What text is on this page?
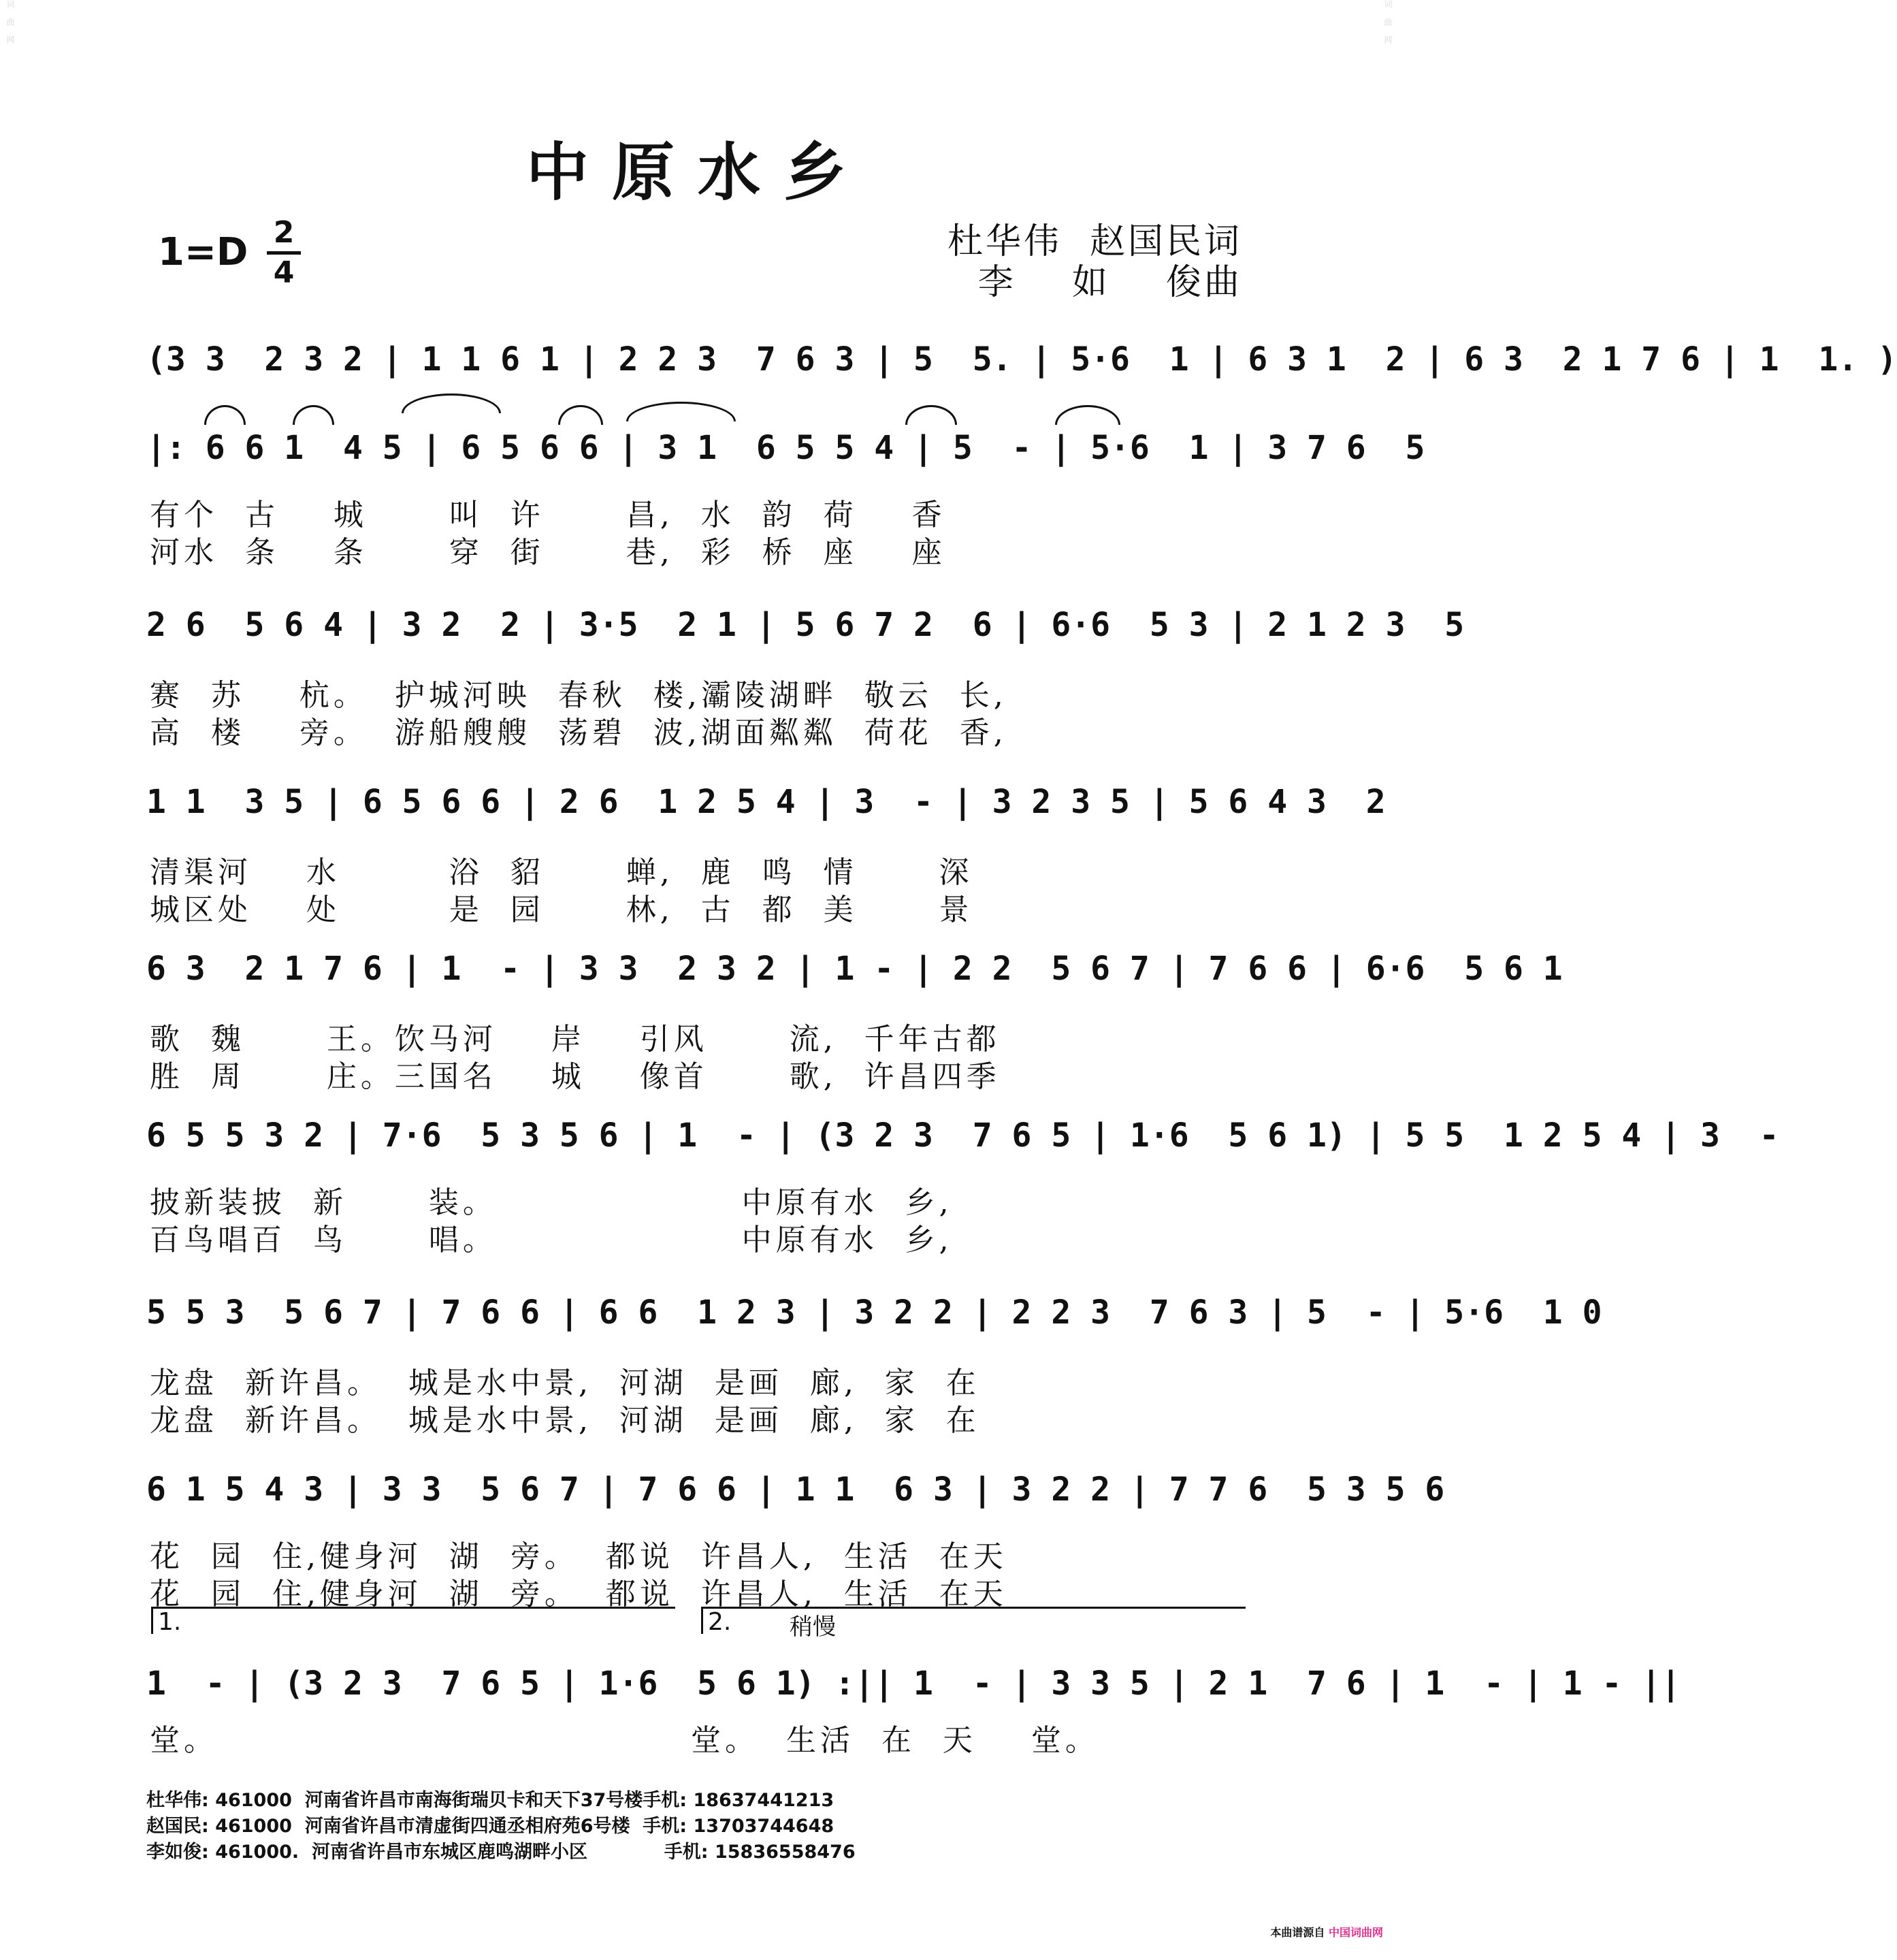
词曲网	词曲网
中原水乡
1=D 2
4
杜华伟  赵国民词
李    如    俊曲
(3 3  2 3 2 | 1 1 6 1 | 2 2 3  7 6 3 | 5  5. | 5·6  1 | 6 3 1  2 | 6 3  2 1 7 6 | 1  1. )
|: 6 6 1  4 5 | 6 5 6 6 | 3 1  6 5 5 4 | 5  - | 5·6  1 | 3 7 6  5
2 6  5 6 4 | 3 2  2 | 3·5  2 1 | 5 6 7 2  6 | 6·6  5 3 | 2 1 2 3  5
1 1  3 5 | 6 5 6 6 | 2 6  1 2 5 4 | 3  - | 3 2 3 5 | 5 6 4 3  2
6 3  2 1 7 6 | 1  - | 3 3  2 3 2 | 1 - | 2 2  5 6 7 | 7 6 6 | 6·6  5 6 1
6 5 5 3 2 | 7·6  5 3 5 6 | 1  - | (3 2 3  7 6 5 | 1·6  5 6 1) | 5 5  1 2 5 4 | 3  -
5 5 3  5 6 7 | 7 6 6 | 6 6  1 2 3 | 3 2 2 | 2 2 3  7 6 3 | 5  - | 5·6  1 0
6 1 5 4 3 | 3 3  5 6 7 | 7 6 6 | 1 1  6 3 | 3 2 2 | 7 7 6  5 3 5 6
1  - | (3 2 3  7 6 5 | 1·6  5 6 1) :|| 1  - | 3 3 5 | 2 1  7 6 | 1  - | 1 - ||
1.	2.	稍慢
有个  古    城      叫  许      昌,  水  韵  荷    香
河水  条    条      穿  街      巷,  彩  桥  座    座
赛  苏    杭。  护城河映  春秋  楼,灞陵湖畔  敬云  长,
高  楼    旁。  游船艘艘  荡碧  波,湖面粼粼  荷花  香,
清渠河    水        浴  貂      蝉,  鹿  鸣  情      深
城区处    处        是  园      林,  古  都  美      景
歌  魏      王。饮马河    岸    引风      流,  千年古都
胜  周      庄。三国名    城    像首      歌,  许昌四季
披新装披  新      装。                  中原有水  乡,
百鸟唱百  鸟      唱。                  中原有水  乡,
龙盘  新许昌。  城是水中景,  河湖  是画  廊,  家  在
龙盘  新许昌。  城是水中景,  河湖  是画  廊,  家  在
花  园  住,健身河  湖  旁。  都说  许昌人,  生活  在天
花  园  住,健身河  湖  旁。  都说  许昌人,  生活  在天
堂。	堂。  生活  在  天    堂。
杜华伟: 461000  河南省许昌市南海街瑞贝卡和天下37号楼手机: 18637441213
赵国民: 461000  河南省许昌市清虚街四通丞相府苑6号楼  手机: 13703744648
李如俊: 461000.  河南省许昌市东城区鹿鸣湖畔小区            手机: 15836558476
本曲谱源自 中国词曲网
